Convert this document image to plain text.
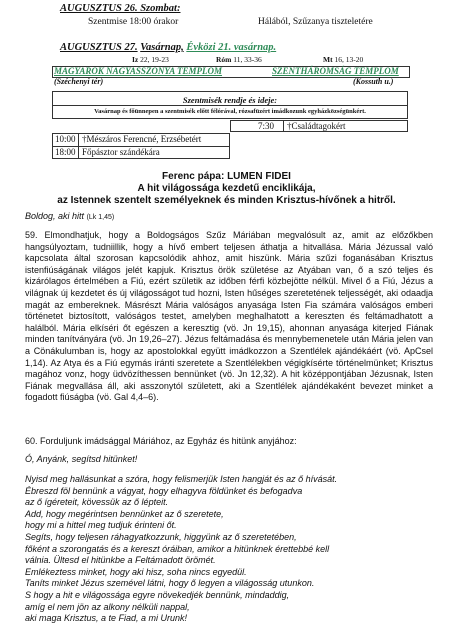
AUGUSZTUS 26. Szombat:
Szentmise 18:00 órakor	Hálából, Szűzanya tiszteletére
AUGUSZTUS 27. Vasárnap, Évközi 21. vasárnap.
Iz 22, 19-23	Róm 11, 33-36	Mt 16, 13-20
MAGYAROK NAGYASSZONYA TEMPLOM	SZENTHÁROMSÁG TEMPLOM
(Széchenyi tér)	(Kossuth u.)
Szentmisék rendje és ideje:
Vasárnap és főünnepen a szentmisék előtt félórával, rózsafüzért imádkozunk egyházközségünkért.
7:30 †Családtagokért
10:00 †Mészáros Ferencné, Erzsébetért
18:00 Főpásztor szándékára
Ferenc pápa: LUMEN FIDEI
A hit világossága kezdetű enciklikája,
az Istennek szentelt személyeknek és minden Krisztus-hívőnek a hitről.
Boldog, aki hitt (Lk 1,45)

59. Elmondhatjuk, hogy a Boldogságos Szűz Máriában megvalósult az, amit az előzőkben hangsúlyoztam, tudniillik, hogy a hívő embert teljesen áthatja a hitvallása. Mária Jézussal való kapcsolata által szorosan kapcsolódik ahhoz, amit hiszünk. Mária szűzi foganásában Krisztus istenfiúságának világos jelét kapjuk. Krisztus örök születése az Atyában van, ő a szó teljes és kizárólagos értelmében a Fiú, ezért születik az időben férfi közbejötte nélkül. Mivel ő a Fiú, Jézus a világnak új kezdetet és új világosságot tud hozni, Isten hűséges szeretetének teljességét, aki odaadja magát az embereknek. Másrészt Mária valóságos anyasága Isten Fia számára valóságos emberi történetet biztosított, valóságos testet, amelyben meghalhatott a kereszten és feltámadhatott a halálból. Mária elkíséri őt egészen a keresztig (vö. Jn 19,15), ahonnan anyasága kiterjed Fiának minden tanítványára (vö. Jn 19,26–27). Jézus feltámadása és mennybemenetele után Mária jelen van a Cönákulumban is, hogy az apostolokkal együtt imádkozzon a Szentlélek ajándékáért (vö. ApCsel 1,14). Az Atya és a Fiú egymás iránti szeretete a Szentlélekben végigkísérte történelmünket; Krisztus magához vonz, hogy üdvözíthessen bennünket (vö. Jn 12,32). A hit középpontjában Jézusnak, Isten Fiának megvallása áll, aki asszonytól született, aki a Szentlélek ajándékaként bevezet minket a fogadott fiúságba (vö. Gal 4,4–6).

60. Forduljunk imádsággal Máriához, az Egyház és hitünk anyjához:

Ó, Anyánk, segítsd hitünket!

Nyisd meg hallásunkat a szóra, hogy felismerjük Isten hangját és az ő hívását.
Ébreszd föl bennünk a vágyat, hogy elhagyva földünket és befogadva
az ő ígéreteit, kövessük az ő lépteit.
Add, hogy megérintsen bennünket az ő szeretete,
hogy mi a hittel meg tudjuk érinteni őt.
Segíts, hogy teljesen ráhagyatkozzunk, higgyünk az ő szeretetében,
főként a szorongatás és a kereszt óráiban, amikor a hitünknek érettebbé kell
válnia. Ültesd el hitünkbe a Feltámadott örömét.
Emlékeztess minket, hogy aki hisz, soha nincs egyedül.
Taníts minket Jézus szemével látni, hogy ő legyen a világosság utunkon.
S hogy a hit e világossága egyre növekedjék bennünk, mindaddig,
amíg el nem jön az alkony nélküli nappal,
aki maga Krisztus, a te Fiad, a mi Urunk!
